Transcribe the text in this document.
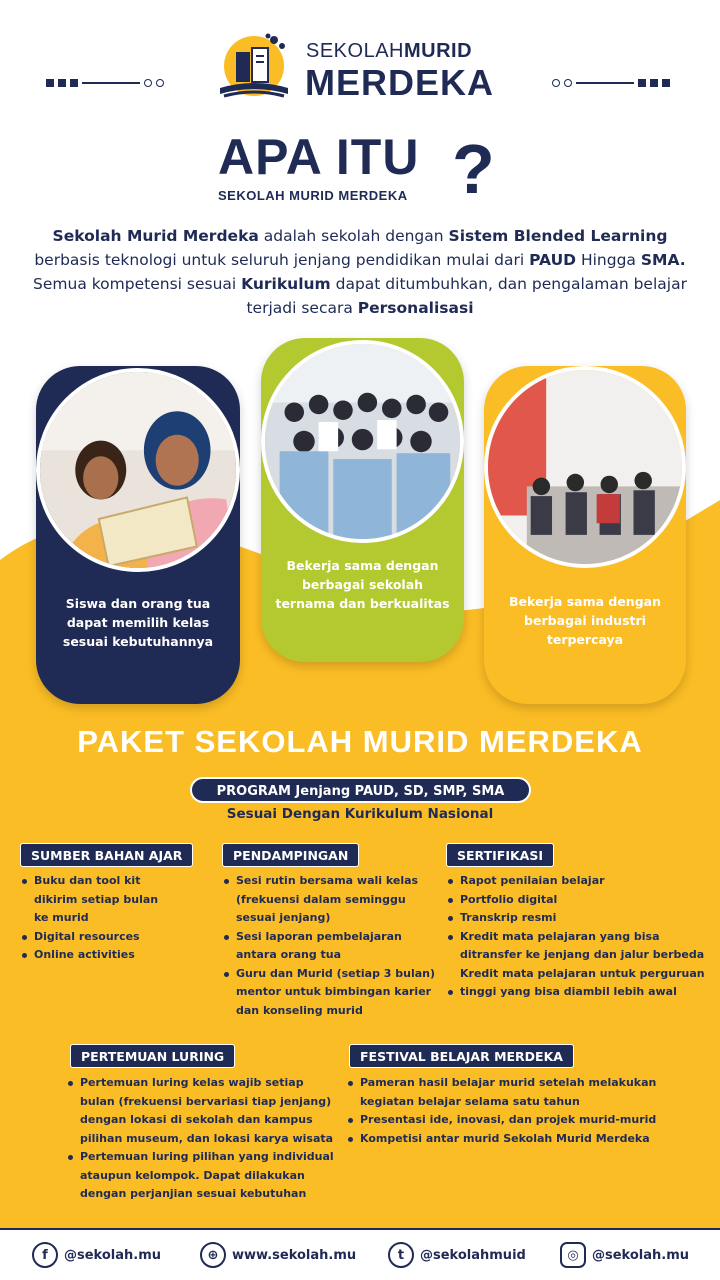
SEKOLAHMURID
MERDEKA
APA ITU ?
SEKOLAH MURID MERDEKA

Sekolah Murid Merdeka adalah sekolah dengan Sistem Blended Learning berbasis teknologi untuk seluruh jenjang pendidikan mulai dari PAUD Hingga SMA. Semua kompetensi sesuai Kurikulum dapat ditumbuhkan, dan pengalaman belajar terjadi secara Personalisasi

Siswa dan orang tua dapat memilih kelas sesuai kebutuhannya
Bekerja sama dengan berbagai sekolah ternama dan berkualitas	Bekerja sama dengan berbagai industri terpercaya
PAKET SEKOLAH MURID MERDEKA
PROGRAM Jenjang PAUD, SD, SMP, SMA
Sesuai Dengan Kurikulum Nasional
SUMBER BAHAN AJAR
Buku dan tool kit
dikirim setiap bulan
ke murid
Digital resources
Online activities
PENDAMPINGAN
Sesi rutin bersama wali kelas
(frekuensi dalam seminggu
sesuai jenjang)
Sesi laporan pembelajaran
antara orang tua
Guru dan Murid (setiap 3 bulan)
mentor untuk bimbingan karier
dan konseling murid
SERTIFIKASI
Rapot penilaian belajar
Portfolio digital
Transkrip resmi
Kredit mata pelajaran yang bisa
ditransfer ke jenjang dan jalur berbeda
Kredit mata pelajaran untuk perguruan
tinggi yang bisa diambil lebih awal
PERTEMUAN LURING
Pertemuan luring kelas wajib setiap
bulan (frekuensi bervariasi tiap jenjang)
dengan lokasi di sekolah dan kampus
pilihan museum, dan lokasi karya wisata
Pertemuan luring pilihan yang individual
ataupun kelompok. Dapat dilakukan
dengan perjanjian sesuai kebutuhan
FESTIVAL BELAJAR MERDEKA
Pameran hasil belajar murid setelah melakukan
kegiatan belajar selama satu tahun
Presentasi ide, inovasi, dan projek murid-murid
Kompetisi antar murid Sekolah Murid Merdeka
f	@sekolah.mu	⊕	www.sekolah.mu	t	@sekolahmuid	◎	@sekolah.mu
